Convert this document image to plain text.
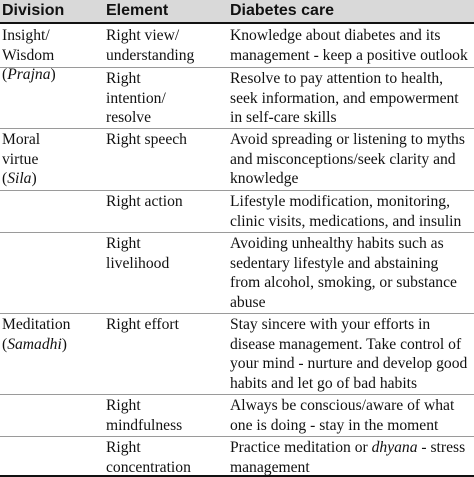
Division	Element	Diabetes care
Insight/
Wisdom
(Prajna)
Moral
virtue
(Sila)
Meditation
(Samadhi)
Right view/
understanding
Right
intention/
resolve
Right speech
Right action
Right
livelihood
Right effort
Right
mindfulness
Right
concentration
Knowledge about diabetes and its
management - keep a positive outlook
Resolve to pay attention to health,
seek information, and empowerment
in self-care skills
Avoid spreading or listening to myths
and misconceptions/seek clarity and
knowledge
Lifestyle modification, monitoring,
clinic visits, medications, and insulin
Avoiding unhealthy habits such as
sedentary lifestyle and abstaining
from alcohol, smoking, or substance
abuse
Stay sincere with your efforts in
disease management. Take control of
your mind - nurture and develop good
habits and let go of bad habits
Always be conscious/aware of what
one is doing - stay in the moment
Practice meditation or dhyana - stress
management
